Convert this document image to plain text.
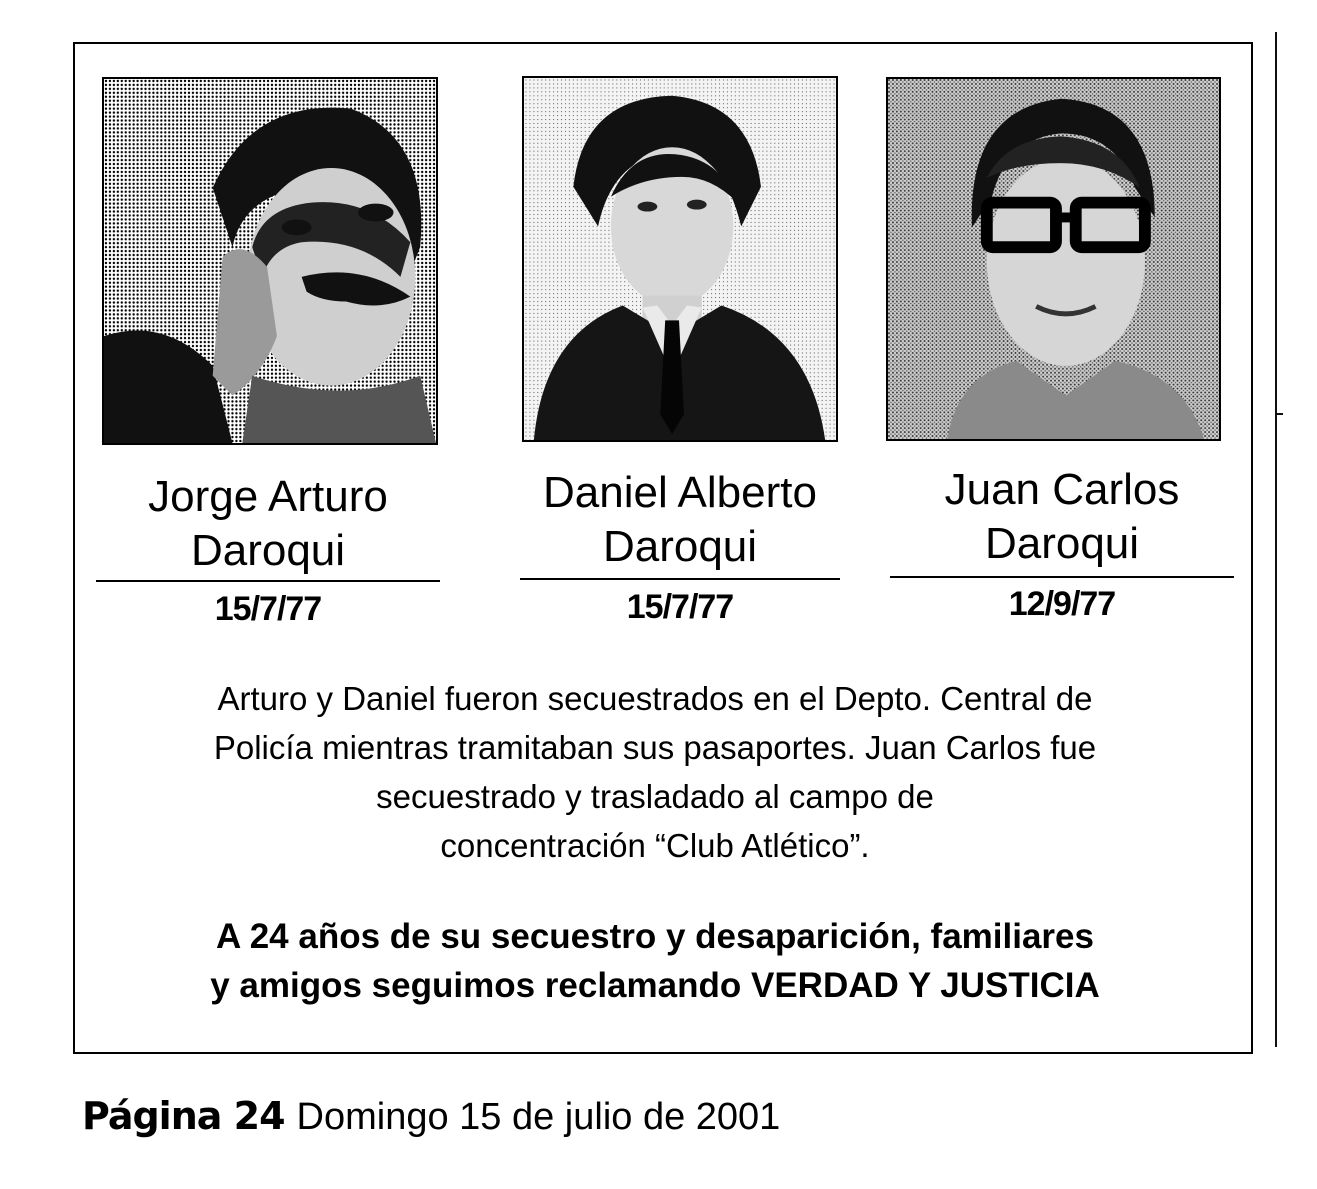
Jorge Arturo
Daroqui
Daniel Alberto
Daroqui
Juan Carlos
Daroqui
15/7/77	15/7/77	12/9/77
Arturo y Daniel fueron secuestrados en el Depto. Central de
Policía mientras tramitaban sus pasaportes. Juan Carlos fue
secuestrado y trasladado al campo de
concentración “Club Atlético”.
A 24 años de su secuestro y desaparición, familiares
y amigos seguimos reclamando VERDAD Y JUSTICIA
Página 24 Domingo 15 de julio de 2001
